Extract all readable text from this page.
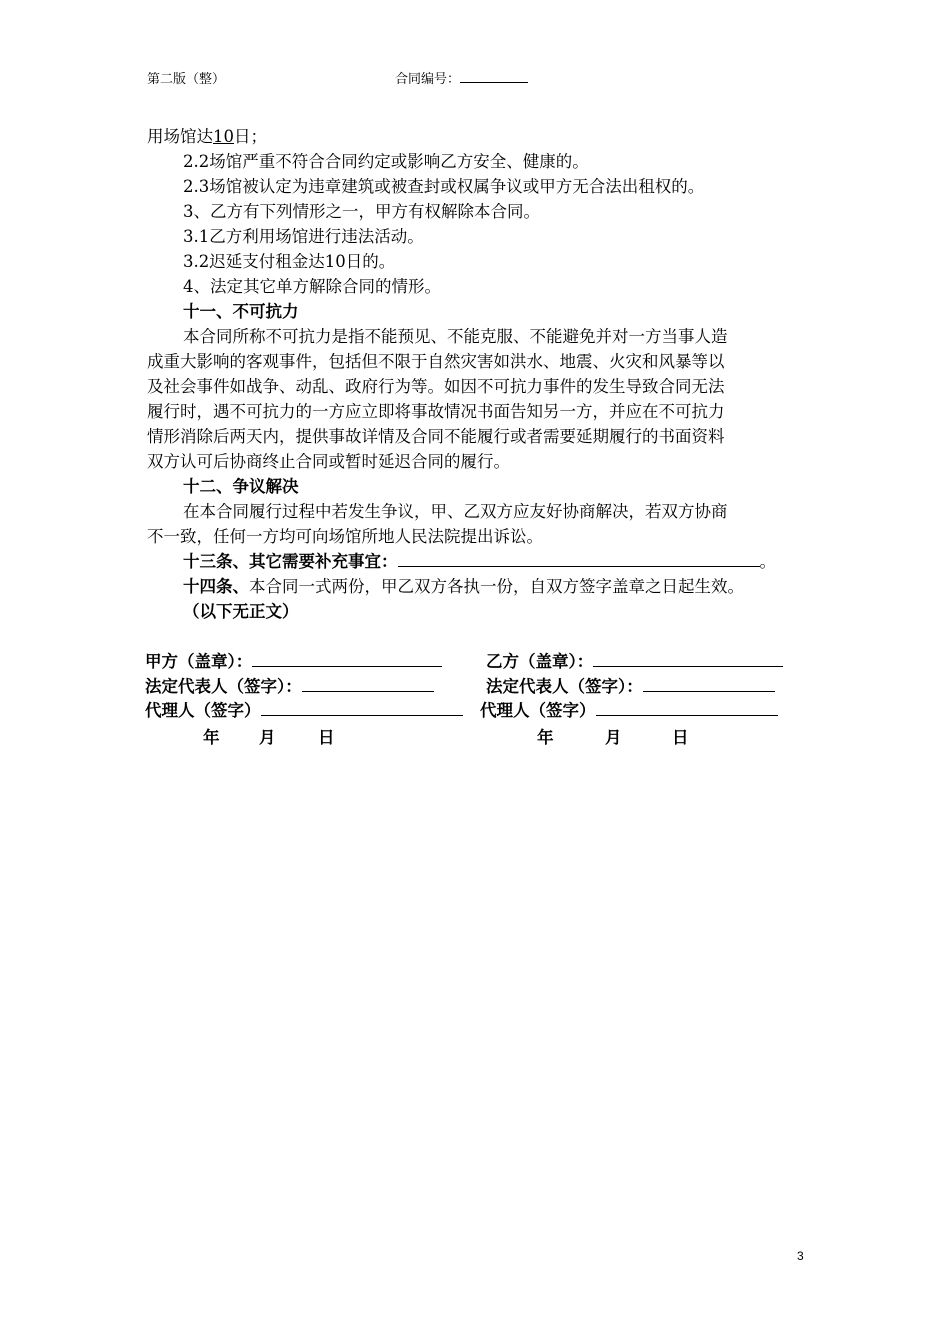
第二版（整）	合同编号：
用场馆达10日；
2.2场馆严重不符合合同约定或影响乙方安全、健康的。
2.3场馆被认定为违章建筑或被查封或权属争议或甲方无合法出租权的。
3、乙方有下列情形之一，甲方有权解除本合同。
3.1乙方利用场馆进行违法活动。
3.2迟延支付租金达10日的。
4、法定其它单方解除合同的情形。
十一、不可抗力
本合同所称不可抗力是指不能预见、不能克服、不能避免并对一方当事人造
成重大影响的客观事件，包括但不限于自然灾害如洪水、地震、火灾和风暴等以
及社会事件如战争、动乱、政府行为等。如因不可抗力事件的发生导致合同无法
履行时，遇不可抗力的一方应立即将事故情况书面告知另一方，并应在不可抗力
情形消除后两天内，提供事故详情及合同不能履行或者需要延期履行的书面资料
双方认可后协商终止合同或暂时延迟合同的履行。
十二、争议解决
在本合同履行过程中若发生争议，甲、乙双方应友好协商解决，若双方协商
不一致，任何一方均可向场馆所地人民法院提出诉讼。
十三条、其它需要补充事宜：	。
十四条、本合同一式两份，甲乙双方各执一份，自双方签字盖章之日起生效。
（以下无正文）
甲方（盖章）：	乙方（盖章）：
法定代表人（签字）：	法定代表人（签字）：
代理人（签字）	代理人（签字）
年 月	日	年	月	日
3
